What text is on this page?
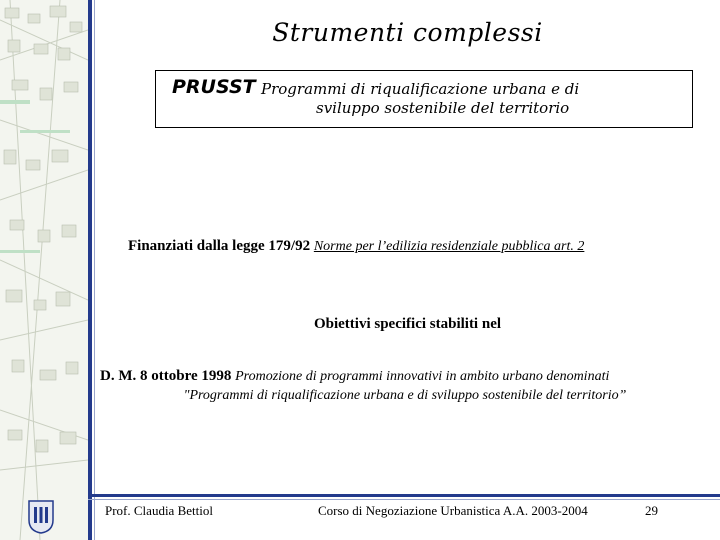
Strumenti complessi
PRUSST Programmi di riqualificazione urbana e di
sviluppo sostenibile del territorio
Finanziati dalla legge 179/92 Norme per l’edilizia residenziale pubblica art. 2
Obiettivi specifici stabiliti nel
D. M. 8 ottobre 1998 Promozione di programmi innovativi in ambito urbano denominati
"Programmi di riqualificazione urbana e di sviluppo sostenibile del territorio”
Prof. Claudia Bettiol	Corso di Negoziazione Urbanistica A.A. 2003-2004	29
